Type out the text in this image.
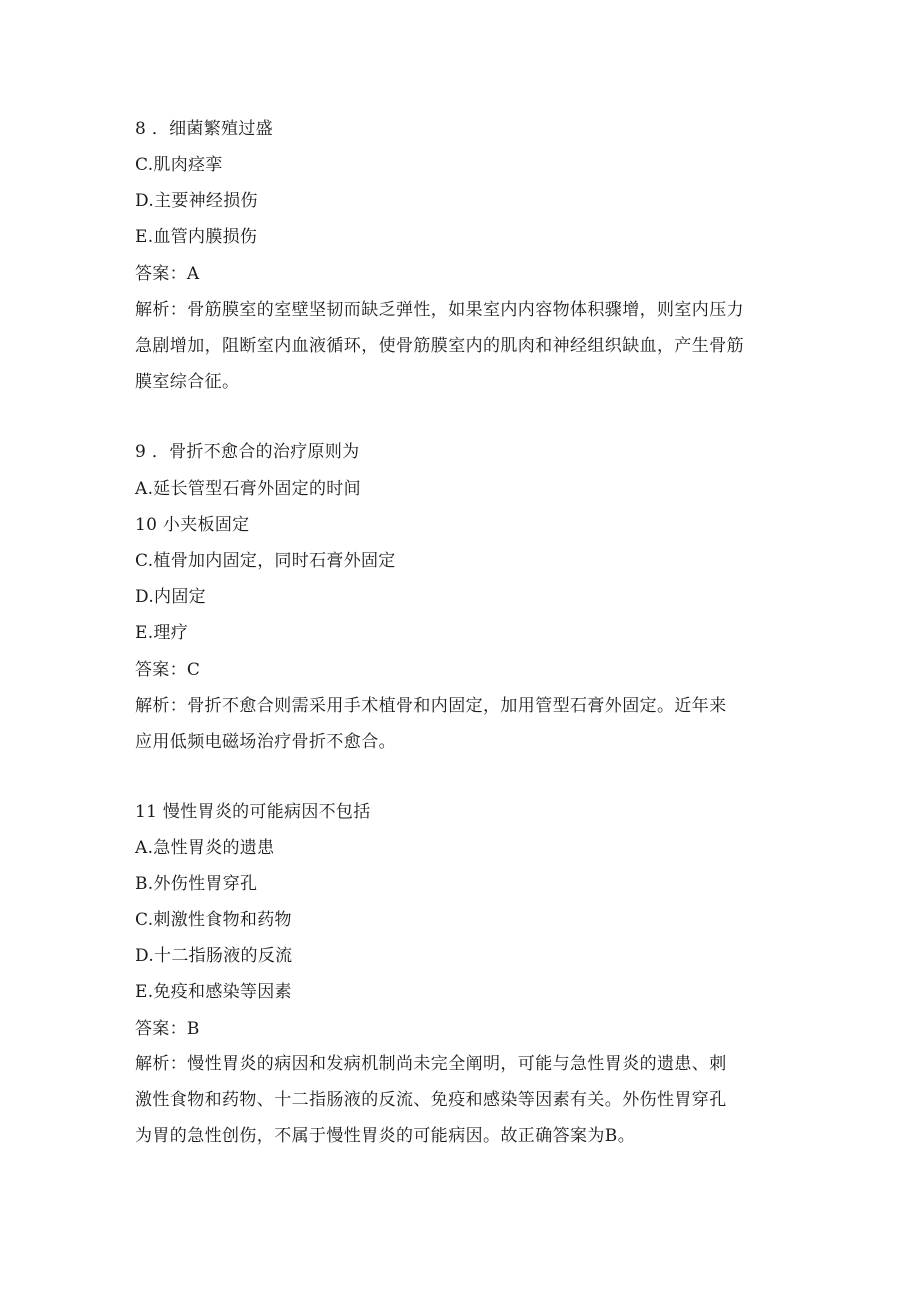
8 ．细菌繁殖过盛
C.肌肉痉挛
D.主要神经损伤
E.血管内膜损伤
答案：A
解析：骨筋膜室的室壁坚韧而缺乏弹性，如果室内内容物体积骤增，则室内压力
急剧增加，阻断室内血液循环，使骨筋膜室内的肌肉和神经组织缺血，产生骨筋
膜室综合征。
9 ．骨折不愈合的治疗原则为
A.延长管型石膏外固定的时间
10 小夹板固定
C.植骨加内固定，同时石膏外固定
D.内固定
E.理疗
答案：C
解析：骨折不愈合则需采用手术植骨和内固定，加用管型石膏外固定。近年来
应用低频电磁场治疗骨折不愈合。
11 慢性胃炎的可能病因不包括
A.急性胃炎的遗患
B.外伤性胃穿孔
C.刺激性食物和药物
D.十二指肠液的反流
E.免疫和感染等因素
答案：B
解析：慢性胃炎的病因和发病机制尚未完全阐明，可能与急性胃炎的遗患、刺
激性食物和药物、十二指肠液的反流、免疫和感染等因素有关。外伤性胃穿孔
为胃的急性创伤，不属于慢性胃炎的可能病因。故正确答案为B。
